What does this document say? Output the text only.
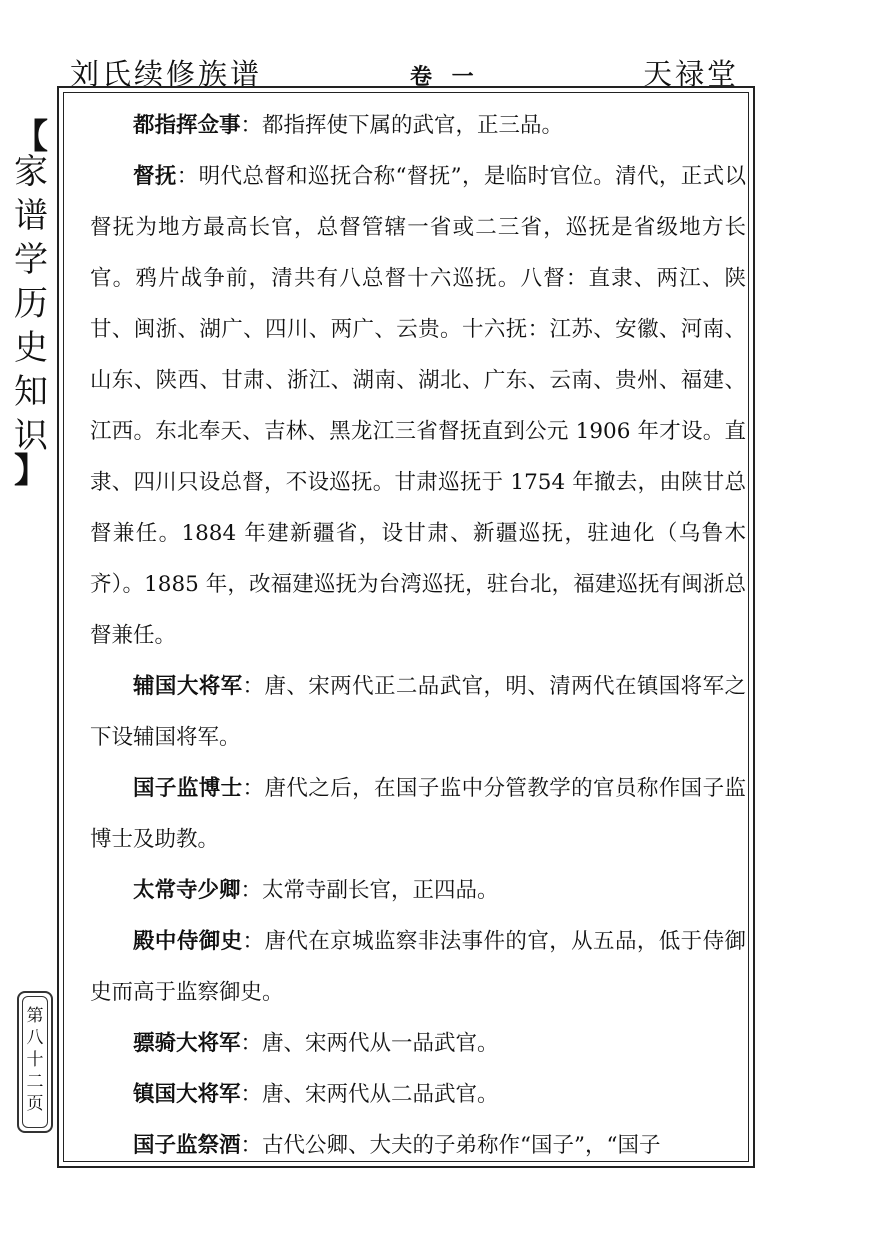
刘氏续修族谱	卷 一	天禄堂
【
家
谱
学
历
史
知
识
】
第
八
十
二
页

都指挥佥事：都指挥使下属的武官，正三品。

督抚：明代总督和巡抚合称“督抚”，是临时官位。清代，正式以督抚为地方最高长官，总督管辖一省或二三省，巡抚是省级地方长官。鸦片战争前，清共有八总督十六巡抚。八督：直隶、两江、陕甘、闽浙、湖广、四川、两广、云贵。十六抚：江苏、安徽、河南、山东、陕西、甘肃、浙江、湖南、湖北、广东、云南、贵州、福建、江西。东北奉天、吉林、黑龙江三省督抚直到公元 1906 年才设。直隶、四川只设总督，不设巡抚。甘肃巡抚于 1754 年撤去，由陕甘总督兼任。1884 年建新疆省，设甘肃、新疆巡抚，驻迪化（乌鲁木齐）。1885 年，改福建巡抚为台湾巡抚，驻台北，福建巡抚有闽浙总督兼任。

辅国大将军：唐、宋两代正二品武官，明、清两代在镇国将军之下设辅国将军。

国子监博士：唐代之后，在国子监中分管教学的官员称作国子监博士及助教。

太常寺少卿：太常寺副长官，正四品。

殿中侍御史：唐代在京城监察非法事件的官，从五品，低于侍御史而高于监察御史。

骠骑大将军：唐、宋两代从一品武官。

镇国大将军：唐、宋两代从二品武官。

国子监祭酒：古代公卿、大夫的子弟称作“国子”，“国子
